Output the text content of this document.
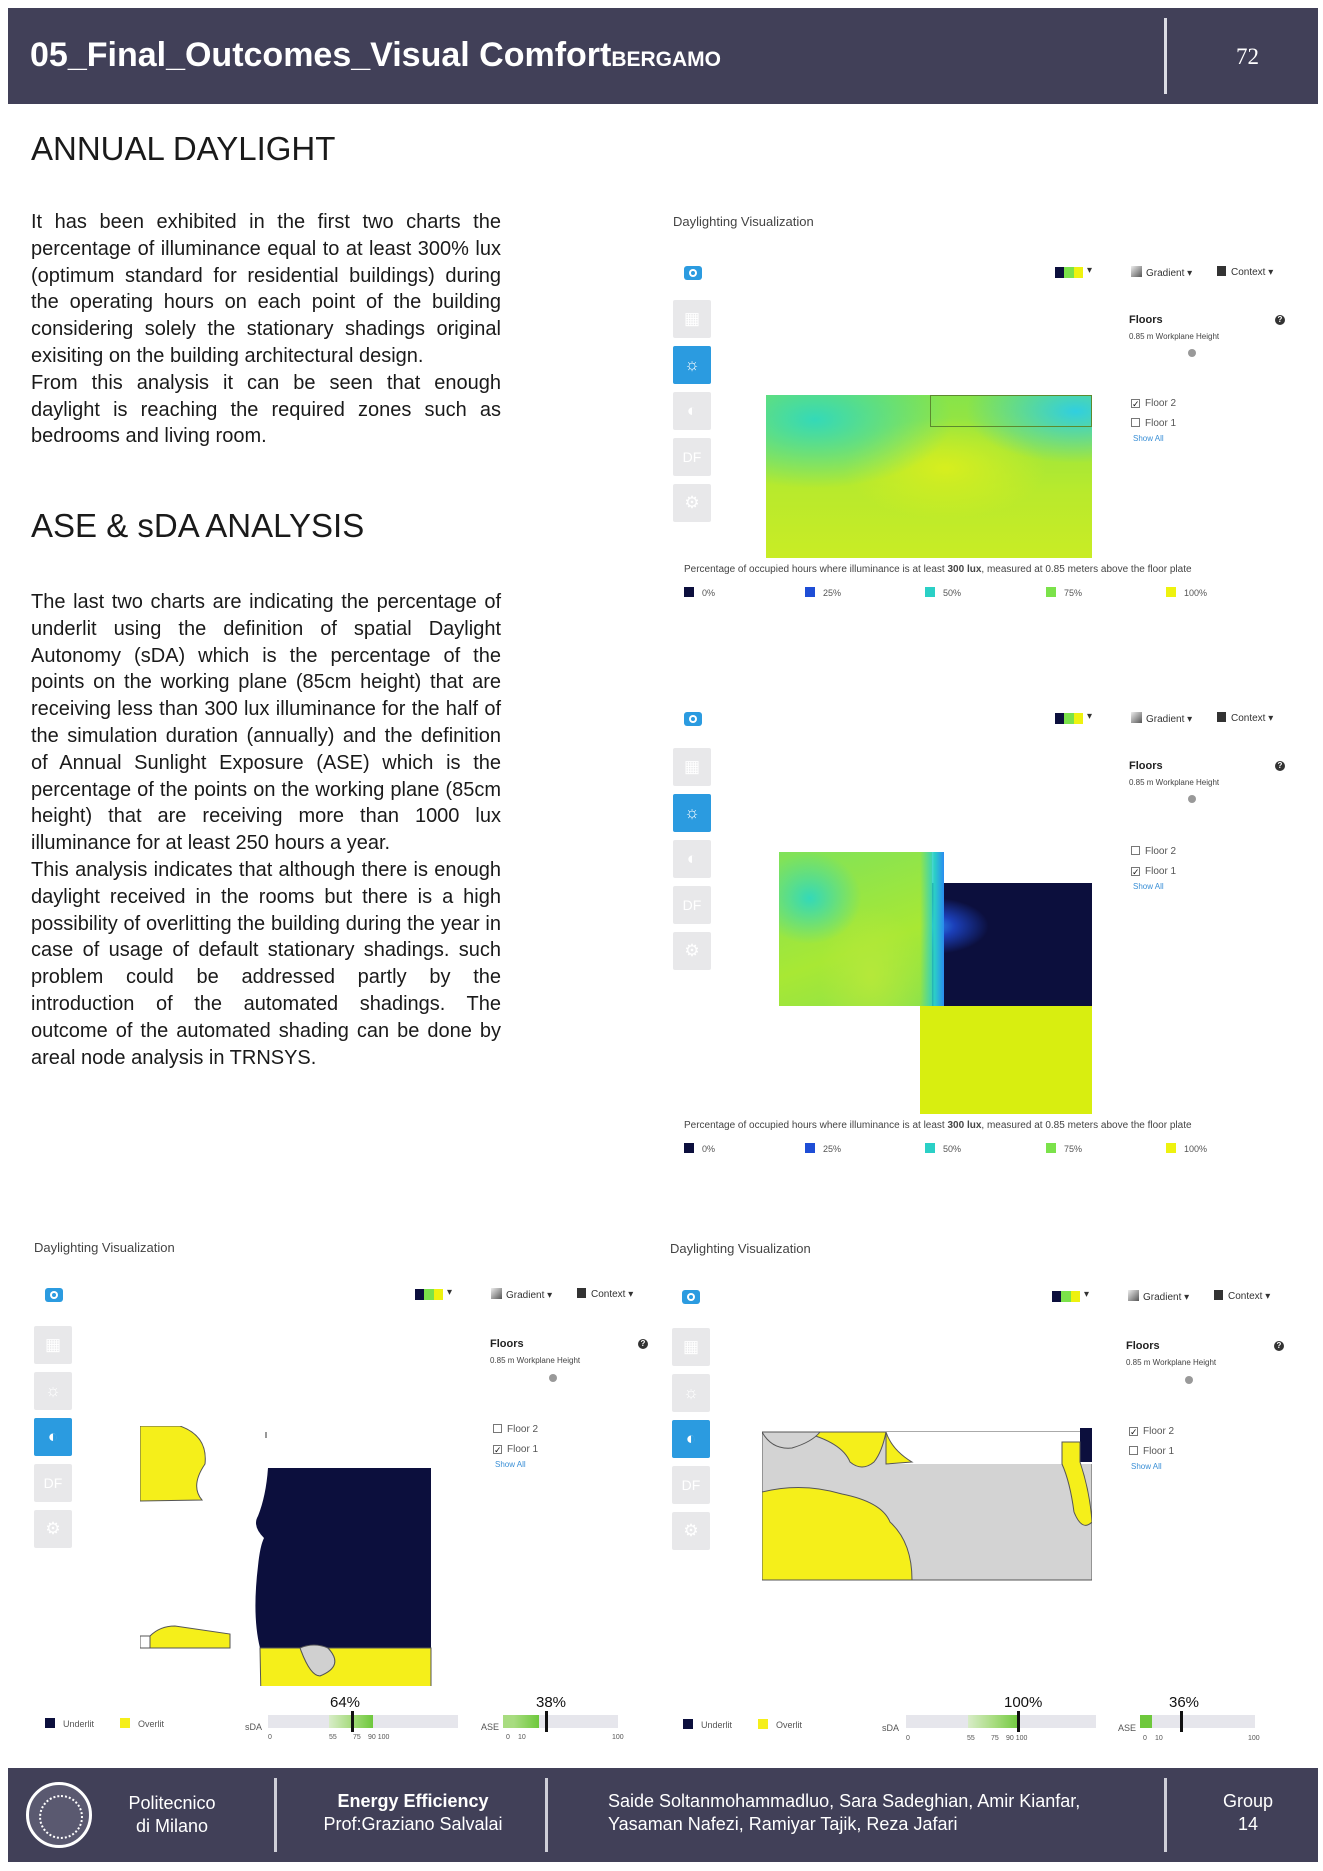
05_Final_Outcomes_Visual ComfortBERGAMO	72
ANNUAL DAYLIGHT
It has been exhibited in the first two charts the percentage of illuminance equal to at least 300% lux (optimum standard for residential buildings) during the operating hours on each point of the building considering solely the stationary shadings original exisiting on the building architectural design.
From this analysis it can be seen that enough daylight is reaching the required zones such as bedrooms and living room.
ASE & sDA ANALYSIS
The last two charts are indicating the percentage of underlit using the definition of spatial Daylight Autonomy (sDA) which is the percentage of the points on the working plane (85cm height) that are receiving less than 300 lux illuminance for the half of the simulation duration (annually) and the definition of Annual Sunlight Exposure (ASE) which is the percentage of the points on the working plane (85cm height) that are receiving more than 1000 lux illuminance for at least 250 hours a year.
This analysis indicates that although there is enough daylight received in the rooms but there is a high possibility of overlitting the building during the year in case of usage of default stationary shadings. such problem could be addressed partly by the introduction of the automated shadings. The outcome of the automated shading can be done by areal node analysis in TRNSYS.
Daylighting Visualization
▾	Gradient ▾	Context ▾
▦
☼
◐
DF
⚙
Floors	?
0.85 m Workplane Height
✓ Floor 2
Floor 1
Show All
Percentage of occupied hours where illuminance is at least 300 lux, measured at 0.85 meters above the floor plate
0%	25%	50%	75%	100%
▾	Gradient ▾	Context ▾
▦
☼
◐
DF
⚙
Floors	?
0.85 m Workplane Height
Floor 2
✓ Floor 1
Show All
Percentage of occupied hours where illuminance is at least 300 lux, measured at 0.85 meters above the floor plate
0%	25%	50%	75%	100%
Daylighting Visualization
▾	Gradient ▾	Context ▾
▦
☼
◐
DF
⚙
Floors	?
0.85 m Workplane Height
Floor 2
✓ Floor 1
Show All
Underlit	Overlit	sDA
64%
0	55 75 90 100
ASE
38%
0 10	100
Daylighting Visualization
▾	Gradient ▾	Context ▾
▦
☼
◐
DF
⚙
Floors	?
0.85 m Workplane Height
✓ Floor 2
Floor 1
Show All
Underlit	Overlit	sDA
100%
0	55 75 90 100
ASE
36%
0 10	100
Politecnico
di Milano
Energy Efficiency
Prof:Graziano Salvalai
Saide Soltanmohammadluo, Sara Sadeghian, Amir Kianfar,
Yasaman Nafezi, Ramiyar Tajik, Reza Jafari
Group
14
